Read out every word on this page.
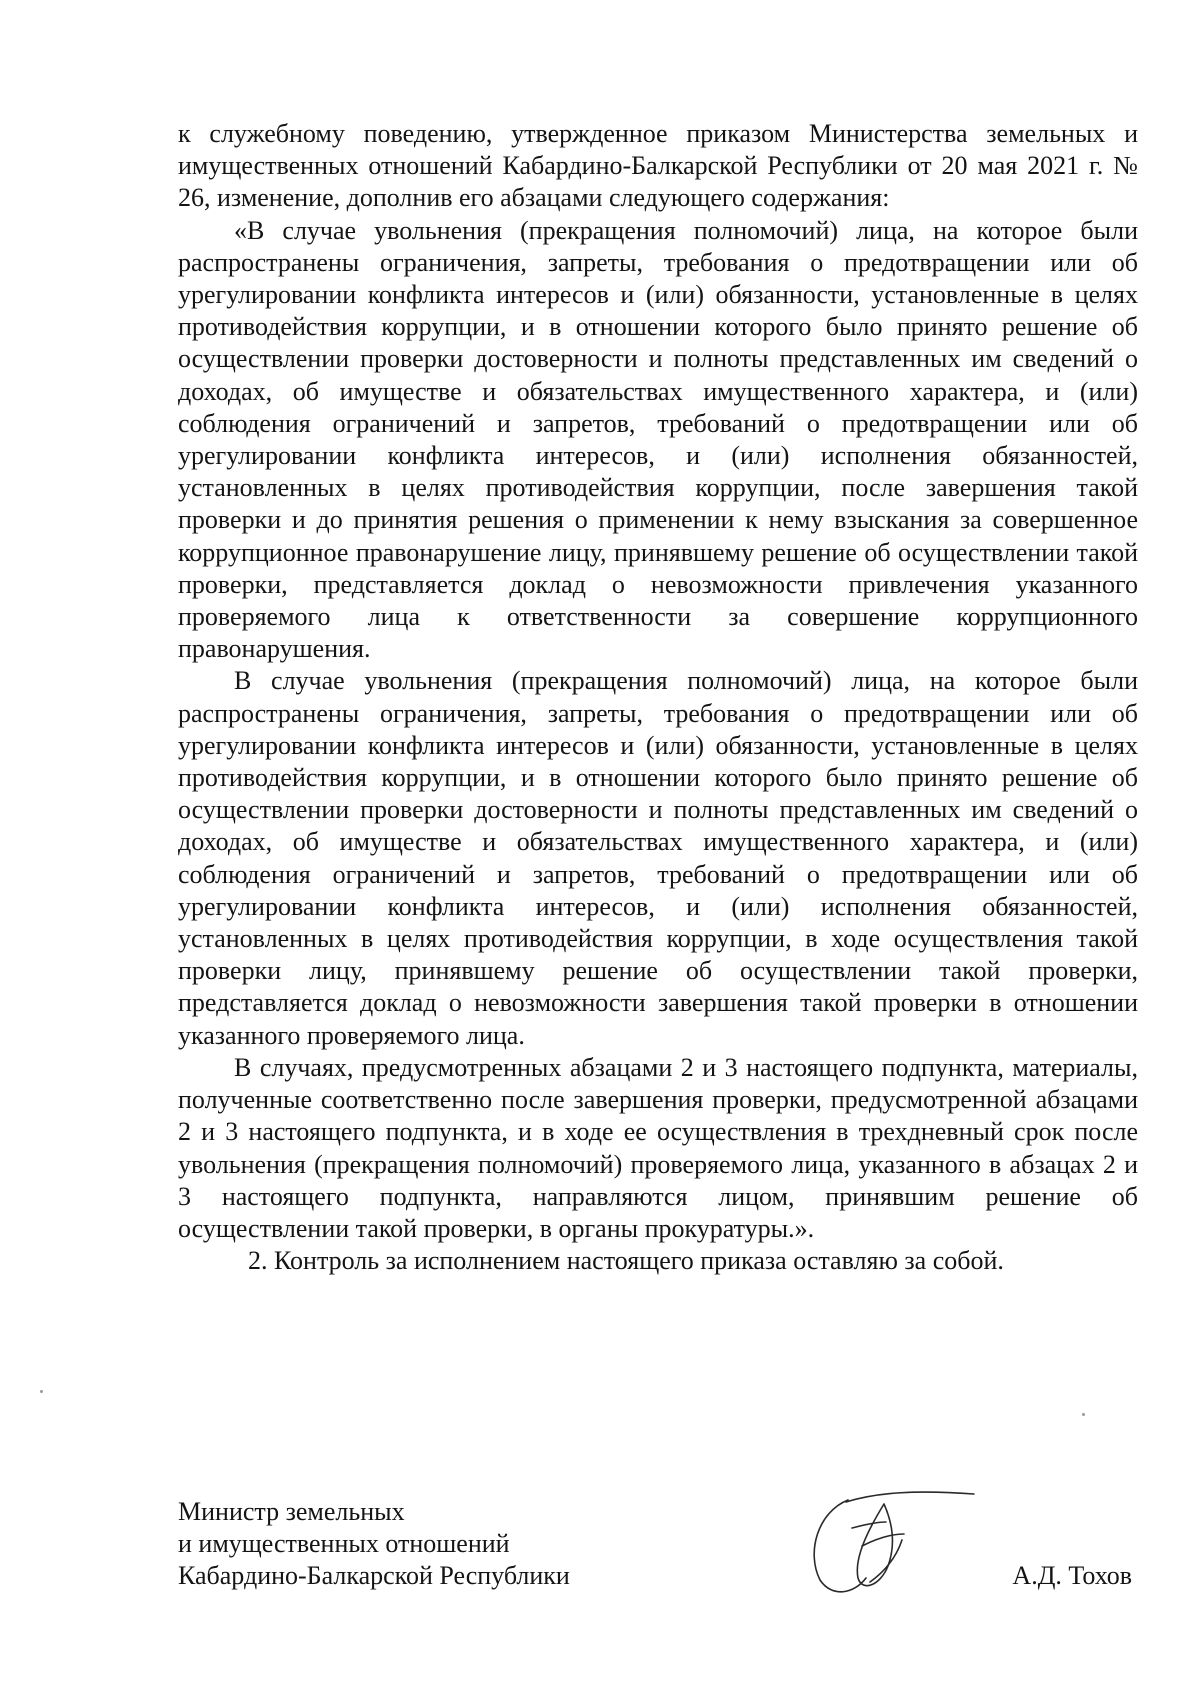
к служебному поведению, утвержденное приказом Министерства земельных и имущественных отношений Кабардино-Балкарской Республики от 20 мая 2021 г. № 26, изменение, дополнив его абзацами следующего содержания:

«В случае увольнения (прекращения полномочий) лица, на которое были распространены ограничения, запреты, требования о предотвращении или об урегулировании конфликта интересов и (или) обязанности, установленные в целях противодействия коррупции, и в отношении которого было принято решение об осуществлении проверки достоверности и полноты представленных им сведений о доходах, об имуществе и обязательствах имущественного характера, и (или) соблюдения ограничений и запретов, требований о предотвращении или об урегулировании конфликта интересов, и (или) исполнения обязанностей, установленных в целях противодействия коррупции, после завершения такой проверки и до принятия решения о применении к нему взыскания за совершенное коррупционное правонарушение лицу, принявшему решение об осуществлении такой проверки, представляется доклад о невозможности привлечения указанного проверяемого лица к ответственности за совершение коррупционного правонарушения.

В случае увольнения (прекращения полномочий) лица, на которое были распространены ограничения, запреты, требования о предотвращении или об урегулировании конфликта интересов и (или) обязанности, установленные в целях противодействия коррупции, и в отношении которого было принято решение об осуществлении проверки достоверности и полноты представленных им сведений о доходах, об имуществе и обязательствах имущественного характера, и (или) соблюдения ограничений и запретов, требований о предотвращении или об урегулировании конфликта интересов, и (или) исполнения обязанностей, установленных в целях противодействия коррупции, в ходе осуществления такой проверки лицу, принявшему решение об осуществлении такой проверки, представляется доклад о невозможности завершения такой проверки в отношении указанного проверяемого лица.

В случаях, предусмотренных абзацами 2 и 3 настоящего подпункта, материалы, полученные соответственно после завершения проверки, предусмотренной абзацами 2 и 3 настоящего подпункта, и в ходе ее осуществления в трехдневный срок после увольнения (прекращения полномочий) проверяемого лица, указанного в абзацах 2 и 3 настоящего подпункта, направляются лицом, принявшим решение об осуществлении такой проверки, в органы прокуратуры.».

2. Контроль за исполнением настоящего приказа оставляю за собой.

Министр земельных
и имущественных отношений
Кабардино-Балкарской Республики	А.Д. Тохов
